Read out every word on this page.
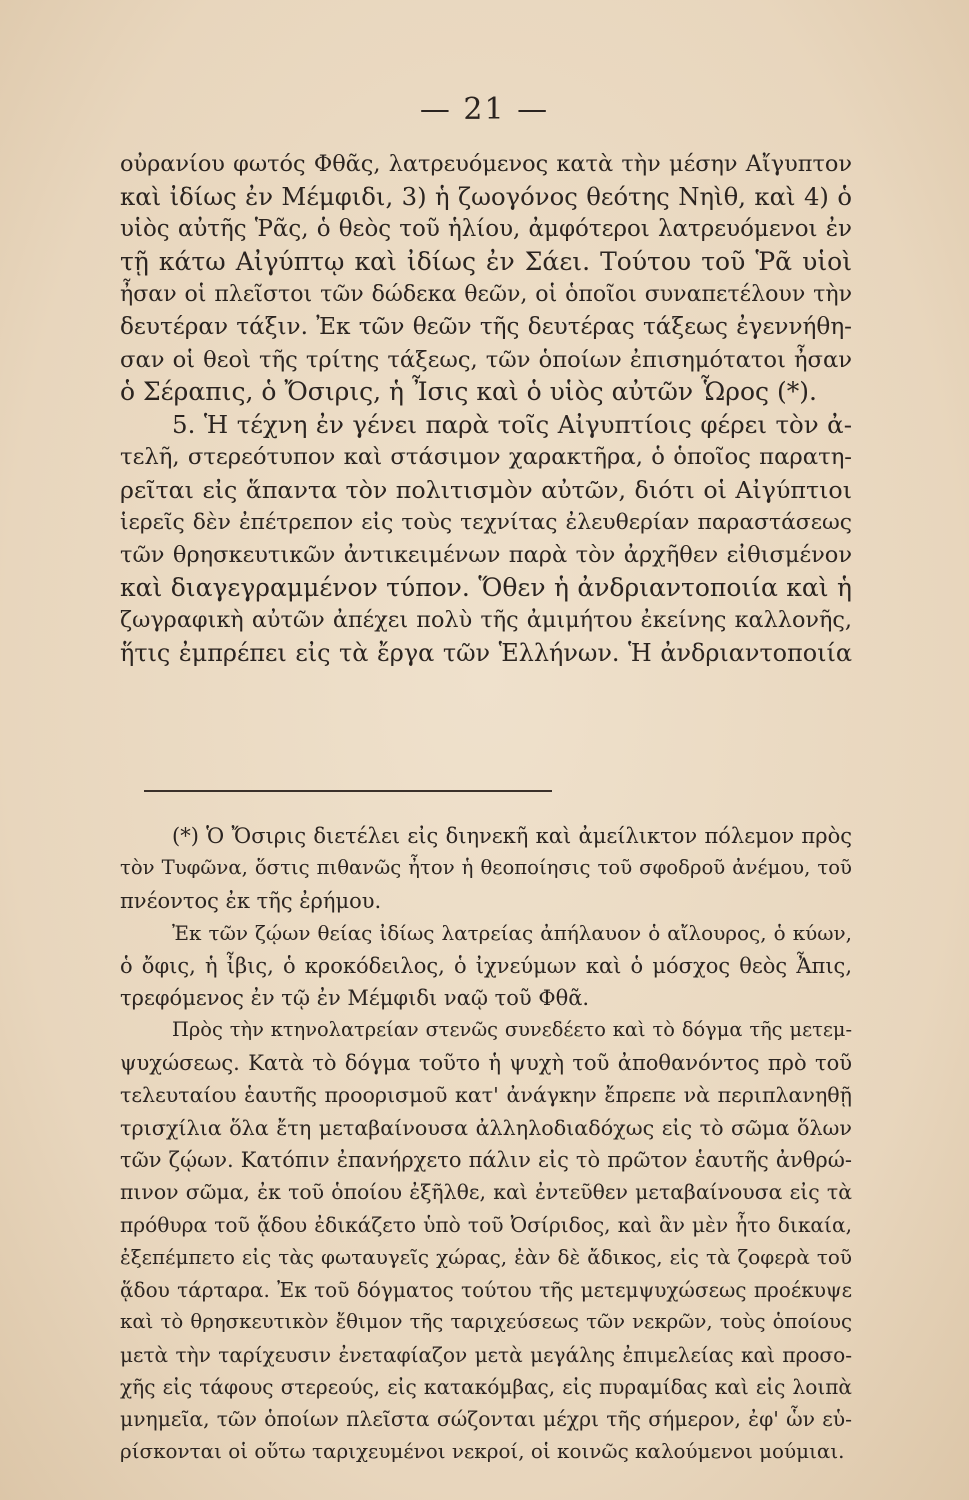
— 21 —
οὐρανίου φωτός Φθᾶς, λατρευόμενος κατὰ τὴν μέσην Αἴγυπτον
καὶ ἰδίως ἐν Μέμφιδι, 3) ἡ ζωογόνος θεότης Νηὶθ, καὶ 4) ὁ
υἱὸς αὐτῆς Ῥᾶς, ὁ θεὸς τοῦ ἡλίου, ἀμφότεροι λατρευόμενοι ἐν
τῇ κάτω Αἰγύπτῳ καὶ ἰδίως ἐν Σάει. Τούτου τοῦ Ῥᾶ υἱοὶ
ἦσαν οἱ πλεῖστοι τῶν δώδεκα θεῶν, οἱ ὁποῖοι συναπετέλουν τὴν
δευτέραν τάξιν. Ἐκ τῶν θεῶν τῆς δευτέρας τάξεως ἐγεννήθη-
σαν οἱ θεοὶ τῆς τρίτης τάξεως, τῶν ὁποίων ἐπισημότατοι ἦσαν
ὁ Σέραπις, ὁ Ὄσιρις, ἡ Ἶσις καὶ ὁ υἱὸς αὐτῶν Ὧρος (*).
5. Ἡ τέχνη ἐν γένει παρὰ τοῖς Αἰγυπτίοις φέρει τὸν ἀ-
τελῆ, στερεότυπον καὶ στάσιμον χαρακτῆρα, ὁ ὁποῖος παρατη-
ρεῖται εἰς ἅπαντα τὸν πολιτισμὸν αὐτῶν, διότι οἱ Αἰγύπτιοι
ἱερεῖς δὲν ἐπέτρεπον εἰς τοὺς τεχνίτας ἐλευθερίαν παραστάσεως
τῶν θρησκευτικῶν ἀντικειμένων παρὰ τὸν ἀρχῆθεν εἰθισμένον
καὶ διαγεγραμμένον τύπον. Ὅθεν ἡ ἀνδριαντοποιία καὶ ἡ
ζωγραφικὴ αὐτῶν ἀπέχει πολὺ τῆς ἀμιμήτου ἐκείνης καλλονῆς,
ἥτις ἐμπρέπει εἰς τὰ ἔργα τῶν Ἑλλήνων. Ἡ ἀνδριαντοποιία
(*) Ὁ Ὄσιρις διετέλει εἰς διηνεκῆ καὶ ἀμείλικτον πόλεμον πρὸς
τὸν Τυφῶνα, ὅστις πιθανῶς ἦτον ἡ θεοποίησις τοῦ σφοδροῦ ἀνέμου, τοῦ
πνέοντος ἐκ τῆς ἐρήμου.
Ἐκ τῶν ζῴων θείας ἰδίως λατρείας ἀπήλαυον ὁ αἴλουρος, ὁ κύων,
ὁ ὄφις, ἡ ἶβις, ὁ κροκόδειλος, ὁ ἰχνεύμων καὶ ὁ μόσχος θεὸς Ἆπις,
τρεφόμενος ἐν τῷ ἐν Μέμφιδι ναῷ τοῦ Φθᾶ.
Πρὸς τὴν κτηνολατρείαν στενῶς συνεδέετο καὶ τὸ δόγμα τῆς μετεμ-
ψυχώσεως. Κατὰ τὸ δόγμα τοῦτο ἡ ψυχὴ τοῦ ἀποθανόντος πρὸ τοῦ
τελευταίου ἑαυτῆς προορισμοῦ κατ' ἀνάγκην ἔπρεπε νὰ περιπλανηθῇ
τρισχίλια ὅλα ἔτη μεταβαίνουσα ἀλληλοδιαδόχως εἰς τὸ σῶμα ὅλων
τῶν ζῴων. Κατόπιν ἐπανήρχετο πάλιν εἰς τὸ πρῶτον ἑαυτῆς ἀνθρώ-
πινον σῶμα, ἐκ τοῦ ὁποίου ἐξῆλθε, καὶ ἐντεῦθεν μεταβαίνουσα εἰς τὰ
πρόθυρα τοῦ ᾅδου ἐδικάζετο ὑπὸ τοῦ Ὀσίριδος, καὶ ἂν μὲν ἦτο δικαία,
ἐξεπέμπετο εἰς τὰς φωταυγεῖς χώρας, ἐὰν δὲ ἄδικος, εἰς τὰ ζοφερὰ τοῦ
ᾅδου τάρταρα. Ἐκ τοῦ δόγματος τούτου τῆς μετεμψυχώσεως προέκυψε
καὶ τὸ θρησκευτικὸν ἔθιμον τῆς ταριχεύσεως τῶν νεκρῶν, τοὺς ὁποίους
μετὰ τὴν ταρίχευσιν ἐνεταφίαζον μετὰ μεγάλης ἐπιμελείας καὶ προσο-
χῆς εἰς τάφους στερεούς, εἰς κατακόμβας, εἰς πυραμίδας καὶ εἰς λοιπὰ
μνημεῖα, τῶν ὁποίων πλεῖστα σώζονται μέχρι τῆς σήμερον, ἐφ' ὧν εὑ-
ρίσκονται οἱ οὕτω ταριχευμένοι νεκροί, οἱ κοινῶς καλούμενοι μούμιαι.
